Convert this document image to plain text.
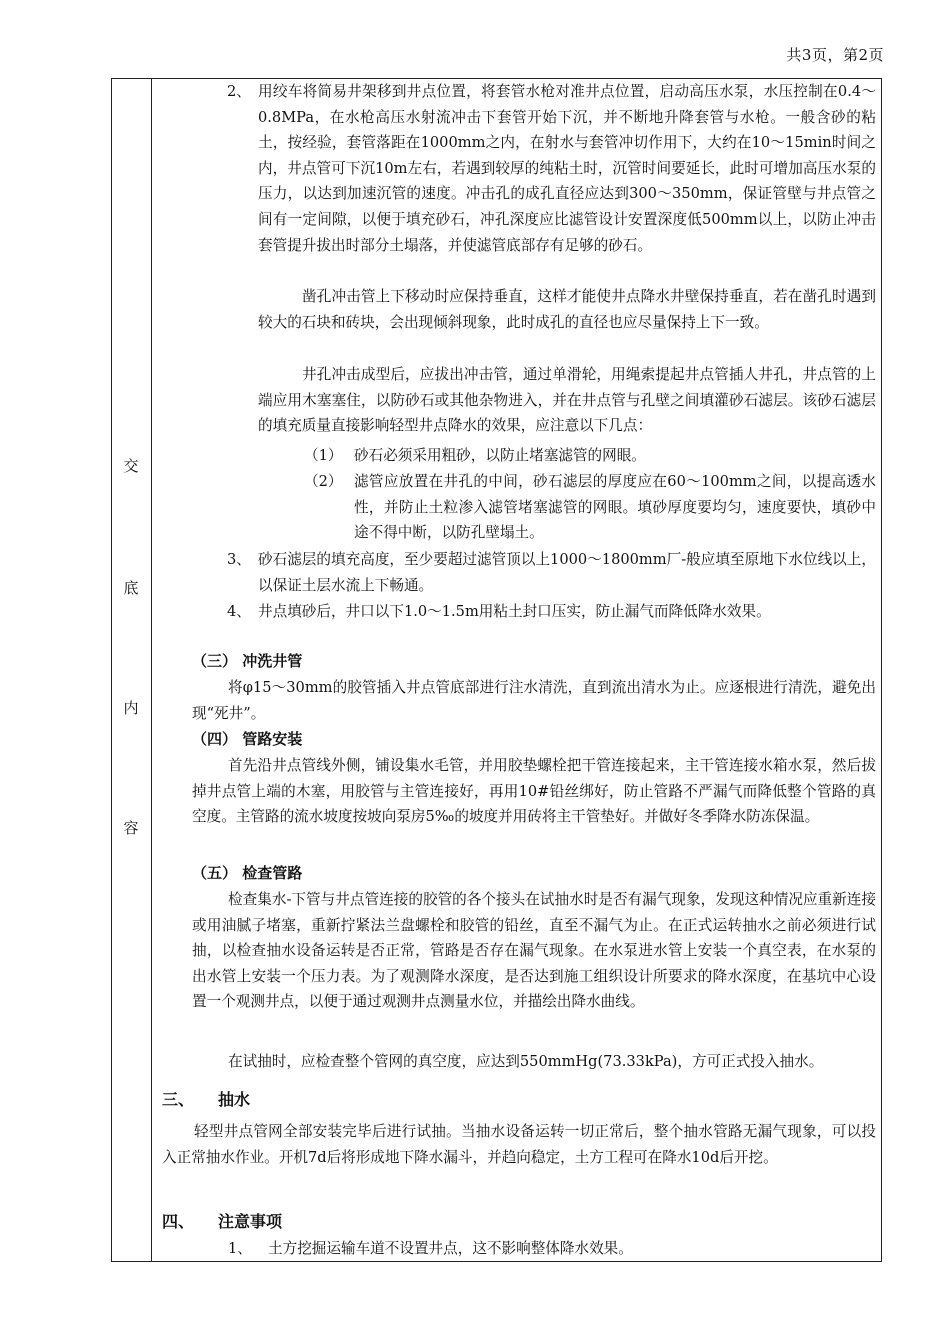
共3页，第2页
交
底
内
容
2、 用绞车将简易井架移到井点位置，将套管水枪对准井点位置，启动高压水泵，水压控制在0.4～0.8MPa，在水枪高压水射流冲击下套管开始下沉，并不断地升降套管与水枪。一般含砂的粘土，按经验，套管落距在1000mm之内，在射水与套管冲切作用下，大约在10～15min时间之内，井点管可下沉10m左右，若遇到较厚的纯粘土时，沉管时间要延长，此时可增加高压水泵的压力，以达到加速沉管的速度。冲击孔的成孔直径应达到300～350mm，保证管壁与井点管之间有一定间隙，以便于填充砂石，冲孔深度应比滤管设计安置深度低500mm以上，以防止冲击套管提升拔出时部分土塌落，并使滤管底部存有足够的砂石。
凿孔冲击管上下移动时应保持垂直，这样才能使井点降水井壁保持垂直，若在凿孔时遇到较大的石块和砖块，会出现倾斜现象，此时成孔的直径也应尽量保持上下一致。
井孔冲击成型后，应拔出冲击管，通过单滑轮，用绳索提起井点管插人井孔，井点管的上端应用木塞塞住，以防砂石或其他杂物进入，并在井点管与孔壁之间填灌砂石滤层。该砂石滤层的填充质量直接影响轻型井点降水的效果，应注意以下几点：
（1） 砂石必须采用粗砂，以防止堵塞滤管的网眼。
（2） 滤管应放置在井孔的中间，砂石滤层的厚度应在60～100mm之间，以提高透水性，并防止土粒渗入滤管堵塞滤管的网眼。填砂厚度要均匀，速度要快，填砂中途不得中断，以防孔壁塌土。
3、 砂石滤层的填充高度，至少要超过滤管顶以上1000～1800mm厂-般应填至原地下水位线以上，以保证土层水流上下畅通。
4、 井点填砂后，井口以下1.0～1.5m用粘土封口压实，防止漏气而降低降水效果。
（三） 冲洗井管
将φ15～30mm的胶管插入井点管底部进行注水清洗，直到流出清水为止。应逐根进行清洗，避免出现“死井”。
（四） 管路安装
首先沿井点管线外侧，铺设集水毛管，并用胶垫螺栓把干管连接起来，主干管连接水箱水泵，然后拔掉井点管上端的木塞，用胶管与主管连接好，再用10#铅丝绑好，防止管路不严漏气而降低整个管路的真空度。主管路的流水坡度按坡向泵房5‰的坡度并用砖将主干管垫好。并做好冬季降水防冻保温。
（五） 检查管路
检查集水-下管与井点管连接的胶管的各个接头在试抽水时是否有漏气现象，发现这种情况应重新连接或用油腻子堵塞，重新拧紧法兰盘螺栓和胶管的铅丝，直至不漏气为止。在正式运转抽水之前必须进行试抽，以检查抽水设备运转是否正常，管路是否存在漏气现象。在水泵进水管上安装一个真空表，在水泵的出水管上安装一个压力表。为了观测降水深度，是否达到施工组织设计所要求的降水深度，在基坑中心设置一个观测井点，以便于通过观测井点测量水位，并描绘出降水曲线。
在试抽时，应检查整个管网的真空度，应达到550mmHg(73.33kPa)，方可正式投入抽水。
三、 抽水
轻型井点管网全部安装完毕后进行试抽。当抽水设备运转一切正常后，整个抽水管路无漏气现象，可以投入正常抽水作业。开机7d后将形成地下降水漏斗，并趋向稳定，土方工程可在降水10d后开挖。
四、 注意事项
1、 土方挖掘运输车道不设置井点，这不影响整体降水效果。
